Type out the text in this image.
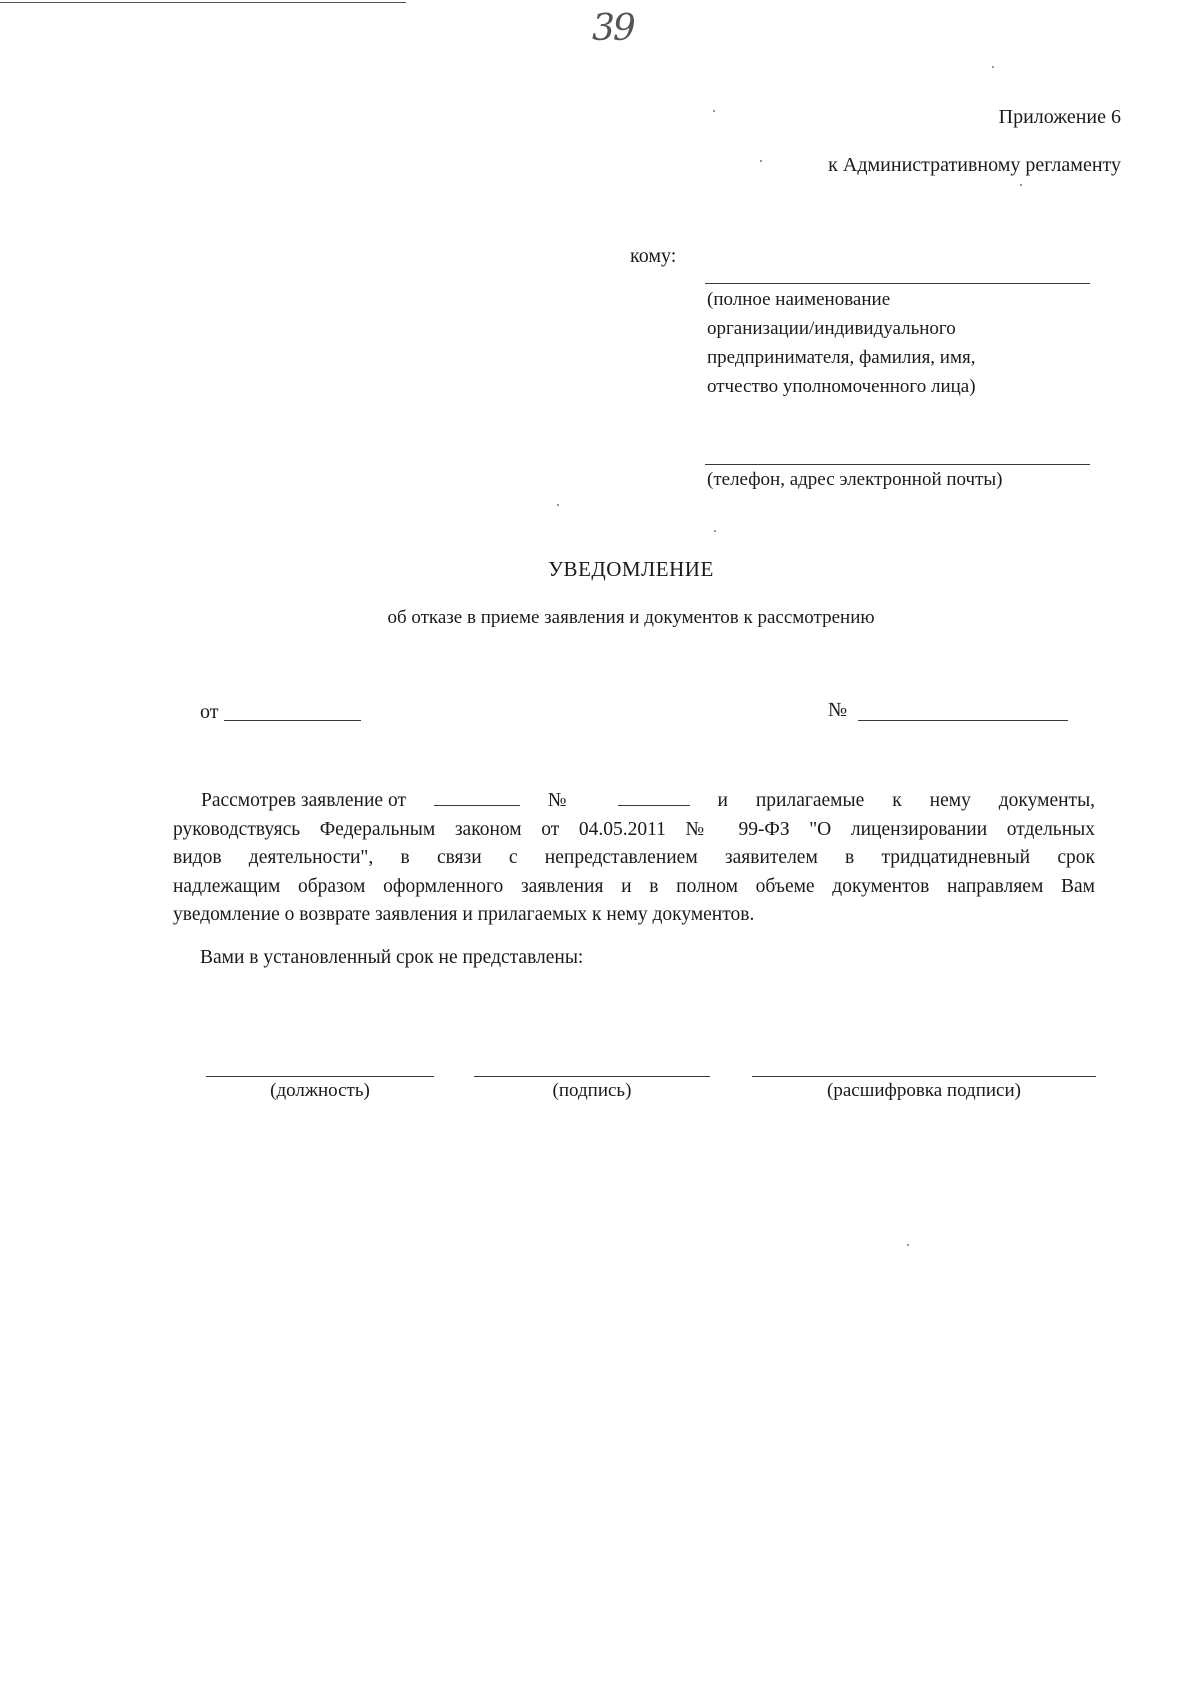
39
Приложение 6
к Административному регламенту
кому:
(полное наименование
организации/индивидуального
предпринимателя, фамилия, имя,
отчество уполномоченного лица)
(телефон, адрес электронной почты)
УВЕДОМЛЕНИЕ
об отказе в приеме заявления и документов к рассмотрению
от	№
Рассмотрев заявление от	№	и прилагаемые к нему документы,
руководствуясь Федеральным законом от 04.05.2011 № 99-ФЗ "О лицензировании отдельных
видов деятельности", в связи с непредставлением заявителем в тридцатидневный срок
надлежащим образом оформленного заявления и в полном объеме документов направляем Вам
уведомление о возврате заявления и прилагаемых к нему документов.
Вами в установленный срок не представлены:
(должность)	(подпись)	(расшифровка подписи)
